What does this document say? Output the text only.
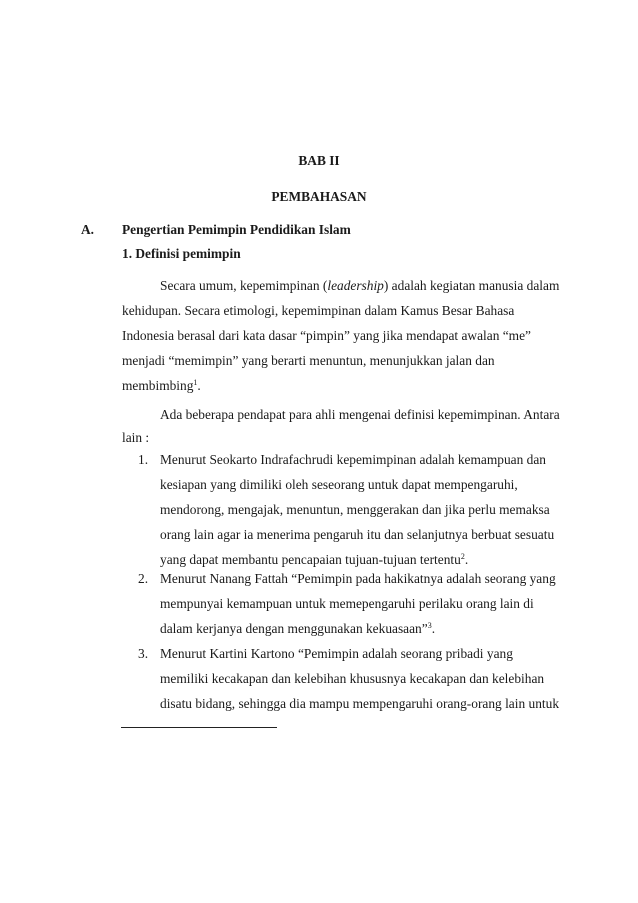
BAB II
PEMBAHASAN
A. Pengertian Pemimpin Pendidikan Islam
1. Definisi pemimpin
Secara umum, kepemimpinan (leadership) adalah kegiatan manusia dalam
kehidupan. Secara etimologi, kepemimpinan dalam Kamus Besar Bahasa
Indonesia berasal dari kata dasar “pimpin” yang jika mendapat awalan “me”
menjadi “memimpin” yang berarti menuntun, menunjukkan jalan dan
membimbing$^1$.
Ada beberapa pendapat para ahli mengenai definisi kepemimpinan. Antara
lain :
1. Menurut Seokarto Indrafachrudi kepemimpinan adalah kemampuan dan
kesiapan yang dimiliki oleh seseorang untuk dapat mempengaruhi,
mendorong, mengajak, menuntun, menggerakan dan jika perlu memaksa
orang lain agar ia menerima pengaruh itu dan selanjutnya berbuat sesuatu
yang dapat membantu pencapaian tujuan-tujuan tertentu$^2$.
2. Menurut Nanang Fattah “Pemimpin pada hakikatnya adalah seorang yang
mempunyai kemampuan untuk memepengaruhi perilaku orang lain di
dalam kerjanya dengan menggunakan kekuasaan”$^3$.
3. Menurut Kartini Kartono “Pemimpin adalah seorang pribadi yang
memiliki kecakapan dan kelebihan khususnya kecakapan dan kelebihan
disatu bidang, sehingga dia mampu mempengaruhi orang-orang lain untuk
